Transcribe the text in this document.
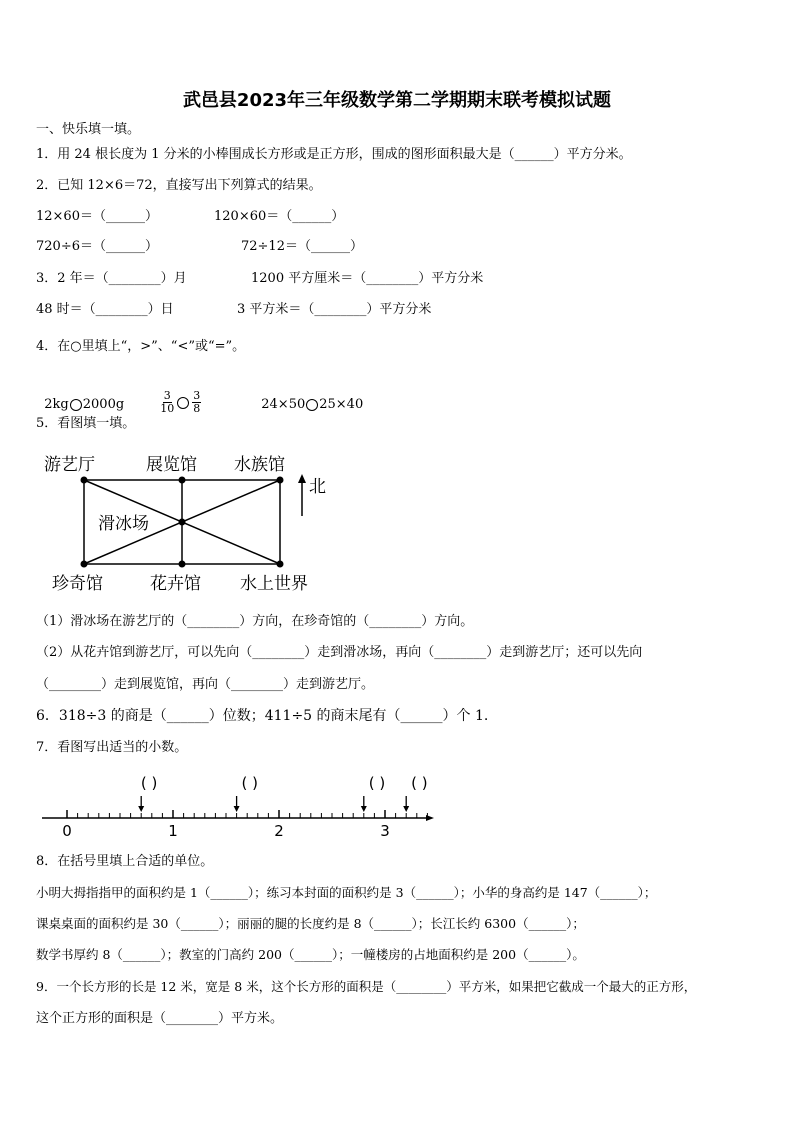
武邑县2023年三年级数学第二学期期末联考模拟试题
一、快乐填一填。
1．用 24 根长度为 1 分米的小棒围成长方形或是正方形，围成的图形面积最大是（______）平方分米。
2．已知 12×6＝72，直接写出下列算式的结果。
12×60＝（______）	120×60＝（______）
720÷6＝（______）	72÷12＝（______）
3．2 年＝（________）月	1200 平方厘米＝（________）平方分米
48 时＝（________）日	3 平方米＝（________）平方分米
4．在○里填上“，>”、“<”或“=”。

2kg 2000g

	$\frac{3}{10} \frac{3}{8}$	24×50 25×40

5．看图填一填。
游艺厅	展览馆 水族馆
滑冰场
珍奇馆	花卉馆 水上世界
北
（1）滑冰场在游艺厅的（________）方向，在珍奇馆的（________）方向。
（2）从花卉馆到游艺厅，可以先向（________）走到滑冰场，再向（________）走到游艺厅；还可以先向
（________）走到展览馆，再向（________）走到游艺厅。
6．318÷3 的商是（______）位数；411÷5 的商末尾有（______）个 1.
7．看图写出适当的小数。
0	1	2	3
( )	( )	( ) ( )
8．在括号里填上合适的单位。
小明大拇指指甲的面积约是 1（______）；练习本封面的面积约是 3（______）；小华的身高约是 147（______）；
课桌桌面的面积约是 30（______）；丽丽的腿的长度约是 8（______）；长江长约 6300（______）；
数学书厚约 8（______）；教室的门高约 200（______）；一幢楼房的占地面积约是 200（______）。
9．一个长方形的长是 12 米，宽是 8 米，这个长方形的面积是（________）平方米，如果把它截成一个最大的正方形，
这个正方形的面积是（________）平方米。
